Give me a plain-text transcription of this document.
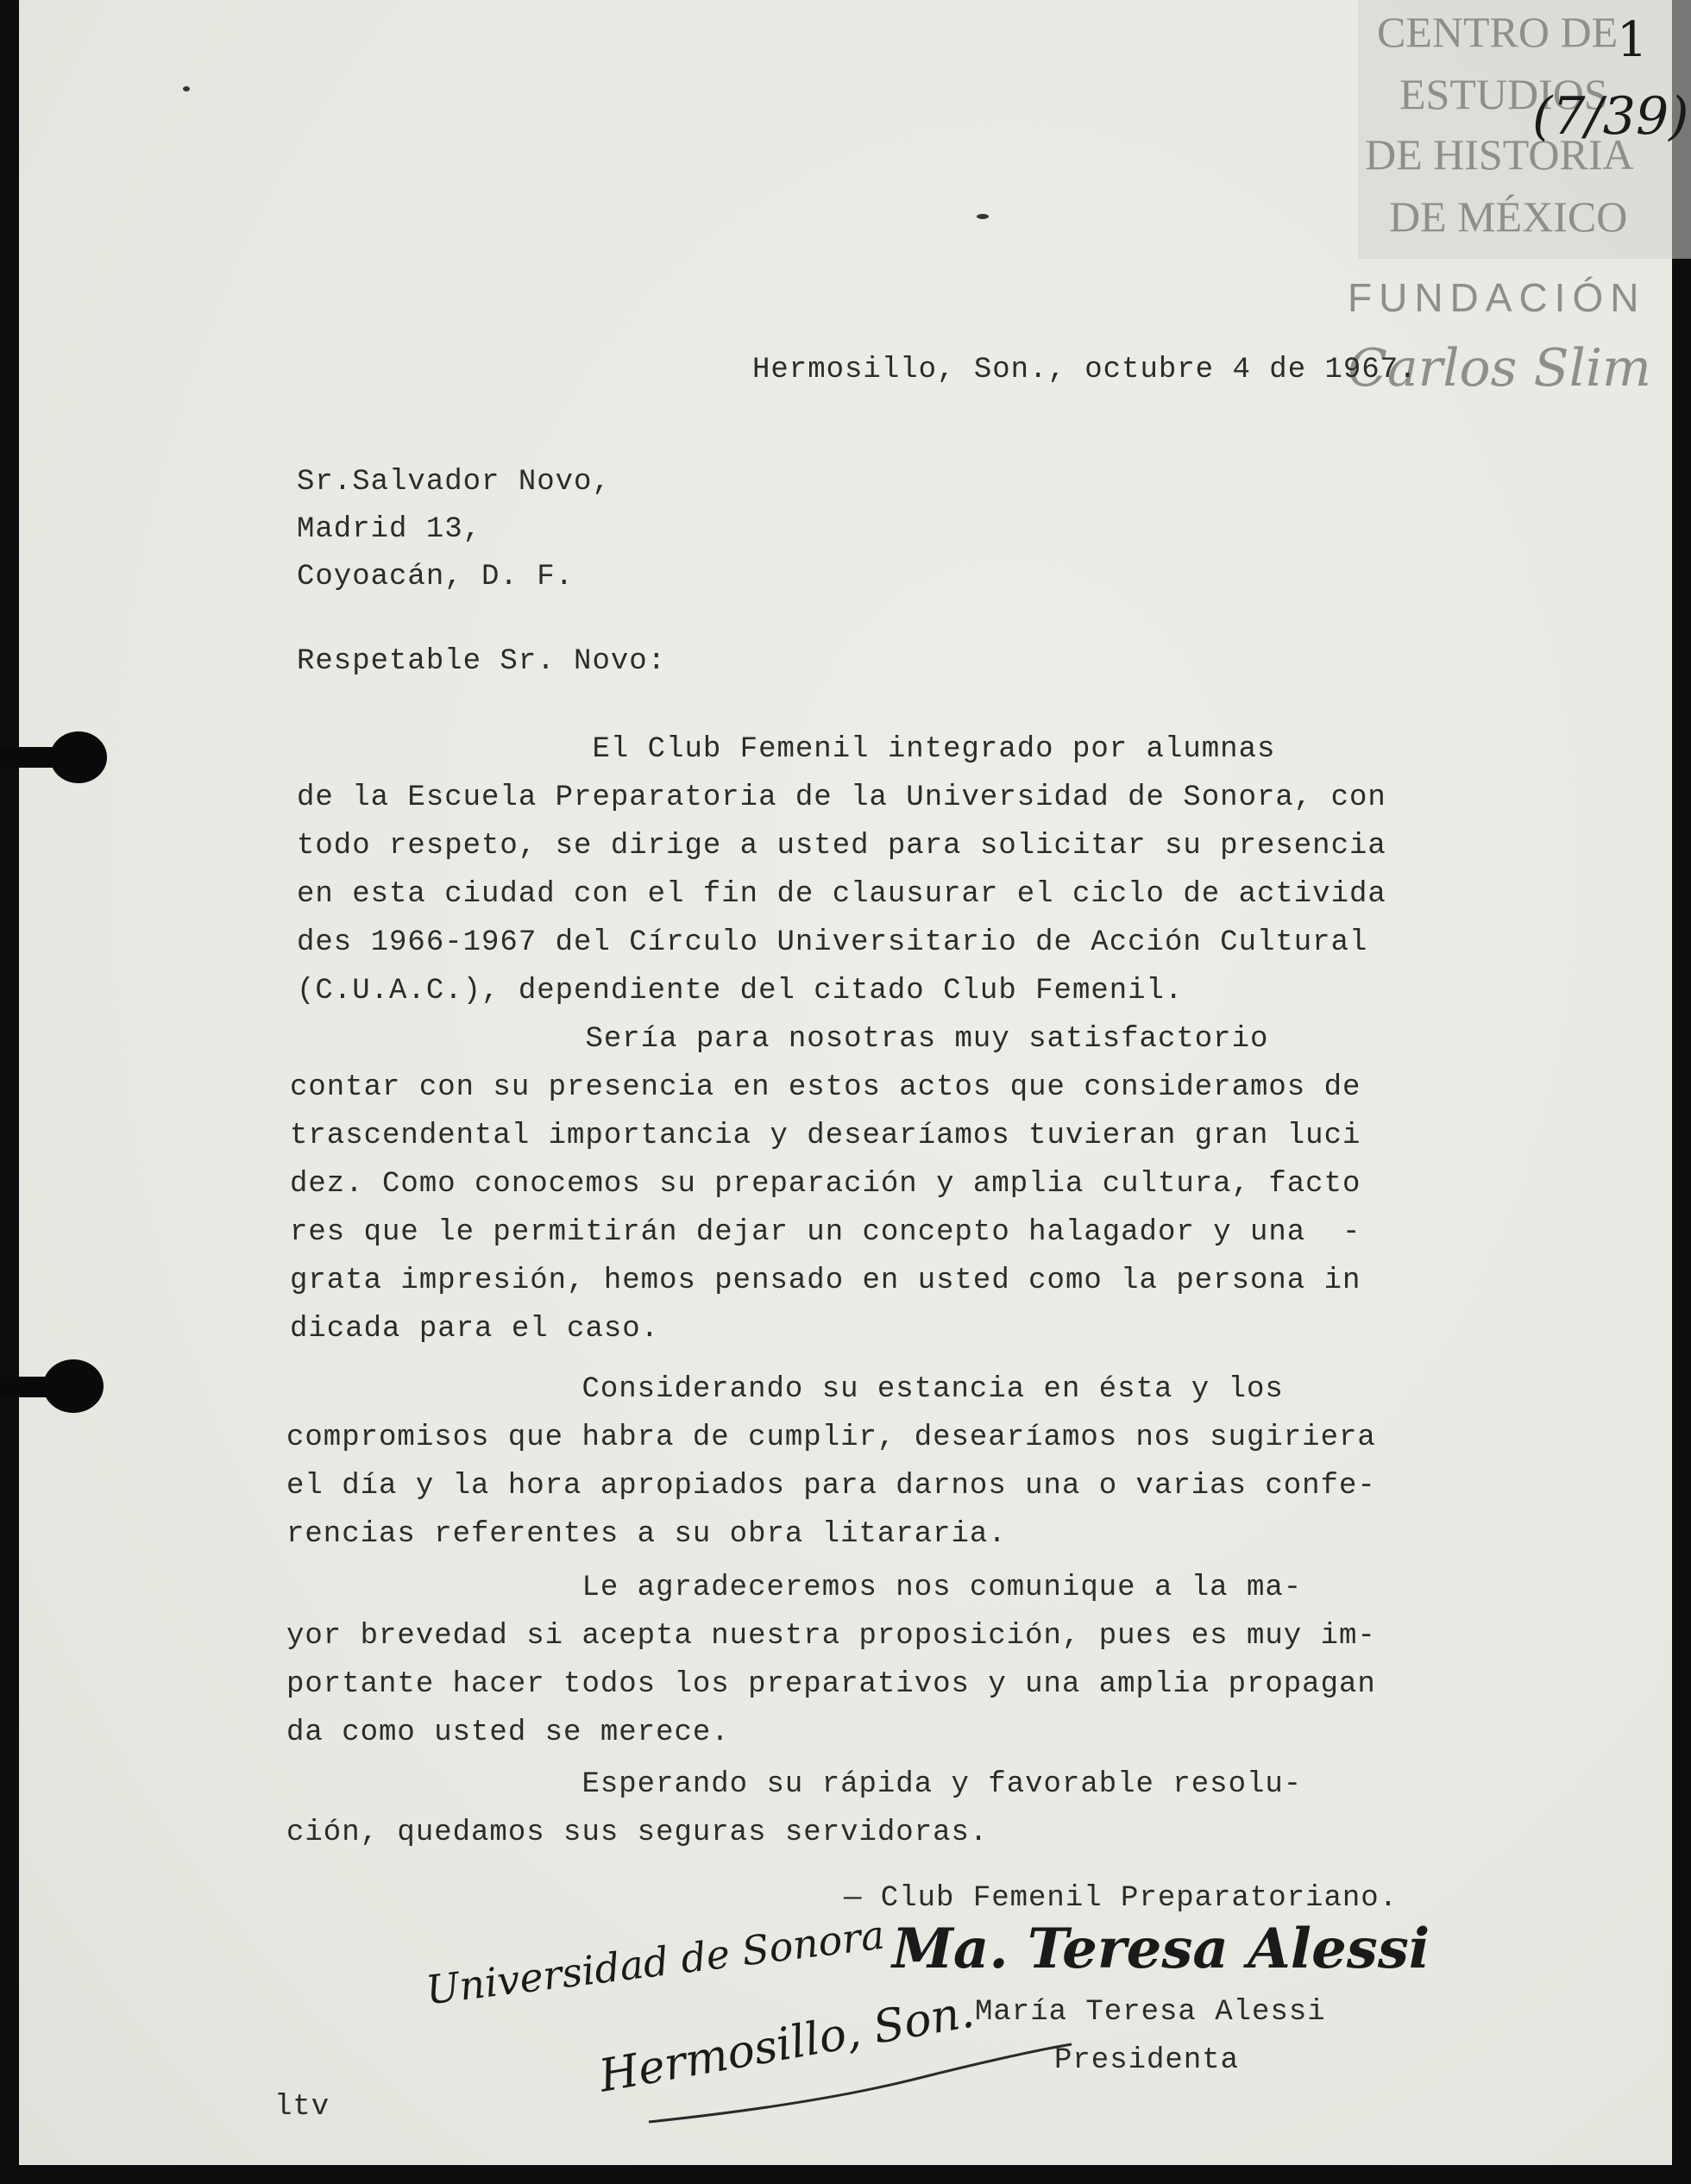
CENTRO DE
ESTUDIOS
DE HISTORIA
DE MÉXICO
FUNDACIÓN
Carlos Slim
1
(7/39)
Hermosillo, Son., octubre 4 de 1967.
Sr.Salvador Novo,
Madrid 13,
Coyoacán, D. F.
Respetable Sr. Novo:
El Club Femenil integrado por alumnas
de la Escuela Preparatoria de la Universidad de Sonora, con
todo respeto, se dirige a usted para solicitar su presencia
en esta ciudad con el fin de clausurar el ciclo de activida
des 1966-1967 del Círculo Universitario de Acción Cultural
(C.U.A.C.), dependiente del citado Club Femenil.
Sería para nosotras muy satisfactorio
contar con su presencia en estos actos que consideramos de
trascendental importancia y desearíamos tuvieran gran luci
dez. Como conocemos su preparación y amplia cultura, facto
res que le permitirán dejar un concepto halagador y una  -
grata impresión, hemos pensado en usted como la persona in
dicada para el caso.
Considerando su estancia en ésta y los
compromisos que habra de cumplir, desearíamos nos sugiriera
el día y la hora apropiados para darnos una o varias confe-
rencias referentes a su obra litararia.
Le agradeceremos nos comunique a la ma-
yor brevedad si acepta nuestra proposición, pues es muy im-
portante hacer todos los preparativos y una amplia propagan
da como usted se merece.
Esperando su rápida y favorable resolu-
ción, quedamos sus seguras servidoras.
— Club Femenil Preparatoriano.
Ma. Teresa Alessi
Universidad de Sonora
Hermosillo, Son.
María Teresa Alessi
Presidenta
ltv
